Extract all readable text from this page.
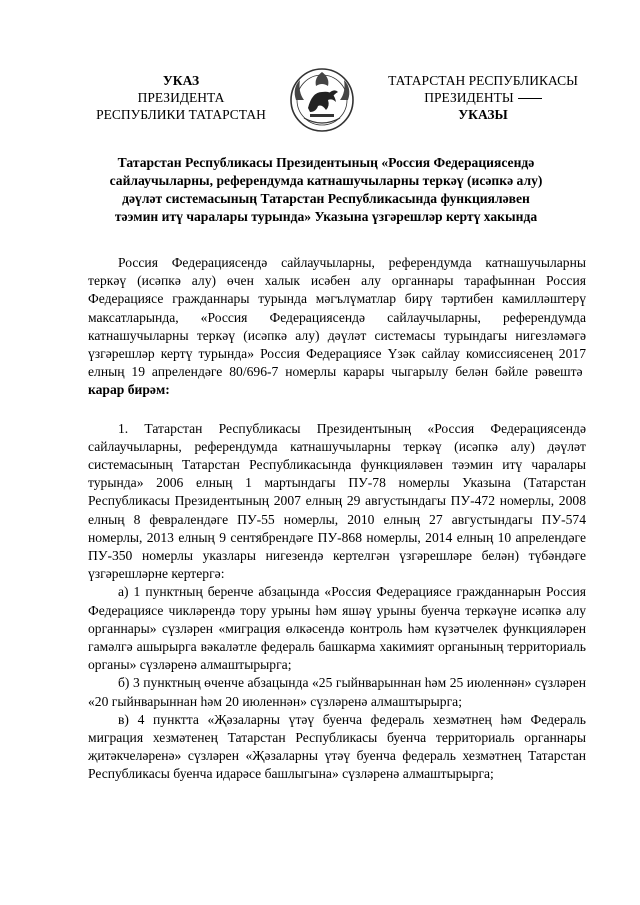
УКАЗ
ПРЕЗИДЕНТА
РЕСПУБЛИКИ ТАТАРСТАН
ТАТАРСТАН РЕСПУБЛИКАСЫ
ПРЕЗИДЕНТЫ
УКАЗЫ
Татарстан Республикасы Президентының «Россия Федерациясендә сайлаучыларны, референдумда катнашучыларны теркәү (исәпкә алу) дәүләт системасының Татарстан Республикасында функцияләвен тәэмин итү чаралары турында» Указына үзгәрешләр кертү хакында

Россия Федерациясендә сайлаучыларны, референдумда катнашучыларны теркәү (исәпкә алу) өчен халык исәбен алу органнары тарафыннан Россия Федерациясе гражданнары турында мәгълүматлар бирү тәртибен камилләштерү максатларында, «Россия Федерациясендә сайлаучыларны, референдумда катнашучыларны теркәү (исәпкә алу) дәүләт системасы турындагы нигезләмәгә үзгәрешләр кертү турында» Россия Федерациясе Үзәк сайлау комиссиясенең 2017 елның 19 апрелендәге 80/696-7 номерлы карары чыгарылу белән бәйле рәвештә  карар бирәм:

1. Татарстан Республикасы Президентының «Россия Федерациясендә сайлаучыларны, референдумда катнашучыларны теркәү (исәпкә алу) дәүләт системасының Татарстан Республикасында функцияләвен тәэмин итү чаралары турында» 2006 елның 1 мартындагы ПУ-78 номерлы Указына (Татарстан Республикасы Президентының 2007 елның 29 августындагы ПУ-472 номерлы, 2008 елның 8 февралендәге ПУ-55 номерлы, 2010 елның 27 августындагы ПУ-574 номерлы, 2013 елның 9 сентябрендәге ПУ-868 номерлы, 2014 елның 10 апрелендәге ПУ-350 номерлы указлары нигезендә кертелгән үзгәрешләре белән) түбәндәге үзгәрешләрне кертергә:

а) 1 пунктның беренче абзацында «Россия Федерациясе гражданнарын Россия Федерациясе чикләрендә тору урыны һәм яшәү урыны буенча теркәүне исәпкә алу органнары» сүзләрен «миграция өлкәсендә контроль һәм күзәтчелек функцияләрен гамәлгә ашырырга вәкаләтле федераль башкарма хакимият органының территориаль органы» сүзләренә алмаштырырга;

б) 3 пунктның өченче абзацында «25 гыйнварыннан һәм 25 июленнән» сүзләрен «20 гыйнварыннан һәм 20 июленнән» сүзләренә алмаштырырга;

в) 4 пунктта «Җәзаларны үтәү буенча федераль хезмәтнең һәм Федераль миграция хезмәтенең Татарстан Республикасы буенча территориаль органнары җитәкчеләренә» сүзләрен «Җәзаларны үтәү буенча федераль хезмәтнең Татарстан Республикасы буенча идарәсе башлыгына» сүзләренә алмаштырырга;
